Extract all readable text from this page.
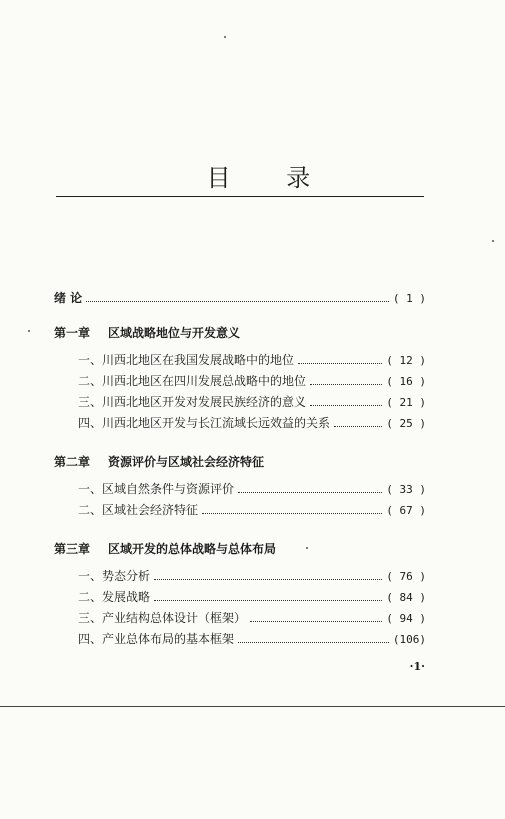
目 录
绪 论	( 1 )
第一章 区域战略地位与开发意义
一、川西北地区在我国发展战略中的地位	( 12 )
二、川西北地区在四川发展总战略中的地位	( 16 )
三、川西北地区开发对发展民族经济的意义	( 21 )
四、川西北地区开发与长江流域长远效益的关系	( 25 )
第二章 资源评价与区域社会经济特征
一、区域自然条件与资源评价	( 33 )
二、区域社会经济特征	( 67 )
第三章 区域开发的总体战略与总体布局
一、势态分析	( 76 )
二、发展战略	( 84 )
三、产业结构总体设计（框架）	( 94 )
四、产业总体布局的基本框架	(106)
·1·
